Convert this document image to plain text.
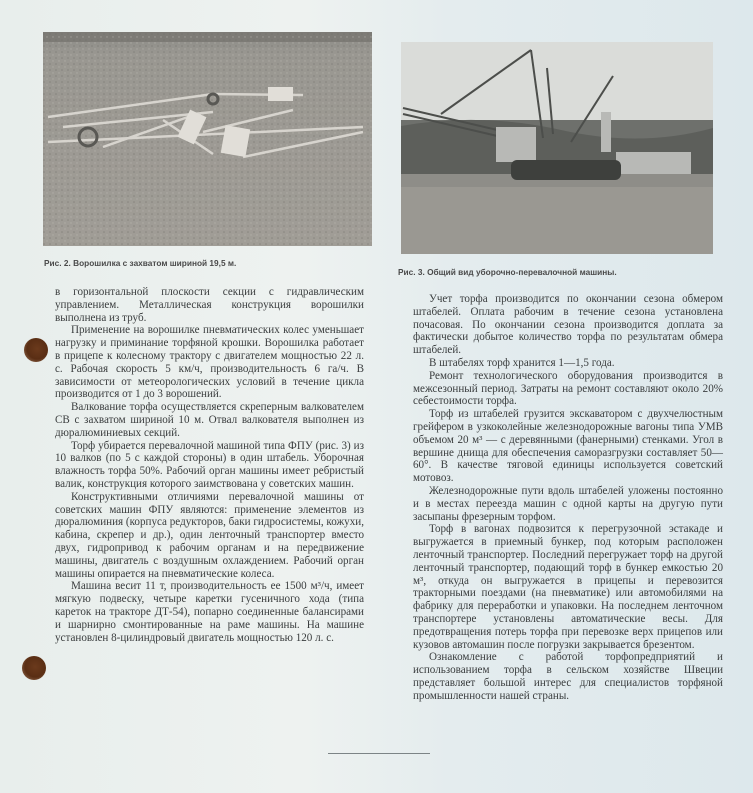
Рис. 2. Ворошилка с захватом шириной 19,5 м.
Рис. 3. Общий вид уборочно-перевалочной машины.

в горизонтальной плоскости секции с гидравлическим управлением. Металлическая конструкция ворошилки выполнена из труб.

Применение на ворошилке пневматических колес уменьшает нагрузку и приминание торфяной крошки. Ворошилка работает в прицепе к колесному трактору с двигателем мощностью 22 л. с. Рабочая скорость 5 км/ч, производительность 6 га/ч. В зависимости от метеорологических условий в течение цикла производится от 1 до 3 ворошений.

Валкование торфа осуществляется скреперным валкователем СВ с захватом шириной 10 м. Отвал валкователя выполнен из дюралюминиевых секций.

Торф убирается перевалочной машиной типа ФПУ (рис. 3) из 10 валков (по 5 с каждой стороны) в один штабель. Уборочная влажность торфа 50%. Рабочий орган машины имеет ребристый валик, конструкция которого заимствована у советских машин.

Конструктивными отличиями перевалочной машины от советских машин ФПУ являются: применение элементов из дюралюминия (корпуса редукторов, баки гидросистемы, кожухи, кабина, скрепер и др.), один ленточный транспортер вместо двух, гидропривод к рабочим органам и на передвижение машины, двигатель с воздушным охлаждением. Рабочий орган машины опирается на пневматические колеса.

Машина весит 11 т, производительность ее 1500 м³/ч, имеет мягкую подвеску, четыре каретки гусеничного хода (типа кареток на тракторе ДТ-54), попарно соединенные балансирами и шарнирно смонтированные на раме машины. На машине установлен 8-цилиндровый двигатель мощностью 120 л. с.

Учет торфа производится по окончании сезона обмером штабелей. Оплата рабочим в течение сезона установлена почасовая. По окончании сезона производится доплата за фактически добытое количество торфа по результатам обмера штабелей.

В штабелях торф хранится 1—1,5 года.

Ремонт технологического оборудования производится в межсезонный период. Затраты на ремонт составляют около 20% себестоимости торфа.

Торф из штабелей грузится экскаватором с двухчелюстным грейфером в узкоколейные железнодорожные вагоны типа УМВ объемом 20 м³ — с деревянными (фанерными) стенками. Угол в вершине днища для обеспечения саморазгрузки составляет 50—60°. В качестве тяговой единицы используется советский мотовоз.

Железнодорожные пути вдоль штабелей уложены постоянно и в местах переезда машин с одной карты на другую пути засыпаны фрезерным торфом.

Торф в вагонах подвозится к перегрузочной эстакаде и выгружается в приемный бункер, под которым расположен ленточный транспортер. Последний перегружает торф на другой ленточный транспортер, подающий торф в бункер емкостью 20 м³, откуда он выгружается в прицепы и перевозится тракторными поездами (на пневматике) или автомобилями на фабрику для переработки и упаковки. На последнем ленточном транспортере установлены автоматические весы. Для предотвращения потерь торфа при перевозке верх прицепов или кузовов автомашин после погрузки закрывается брезентом.

Ознакомление с работой торфопредприятий и использованием торфа в сельском хозяйстве Швеции представляет большой интерес для специалистов торфяной промышленности нашей страны.
